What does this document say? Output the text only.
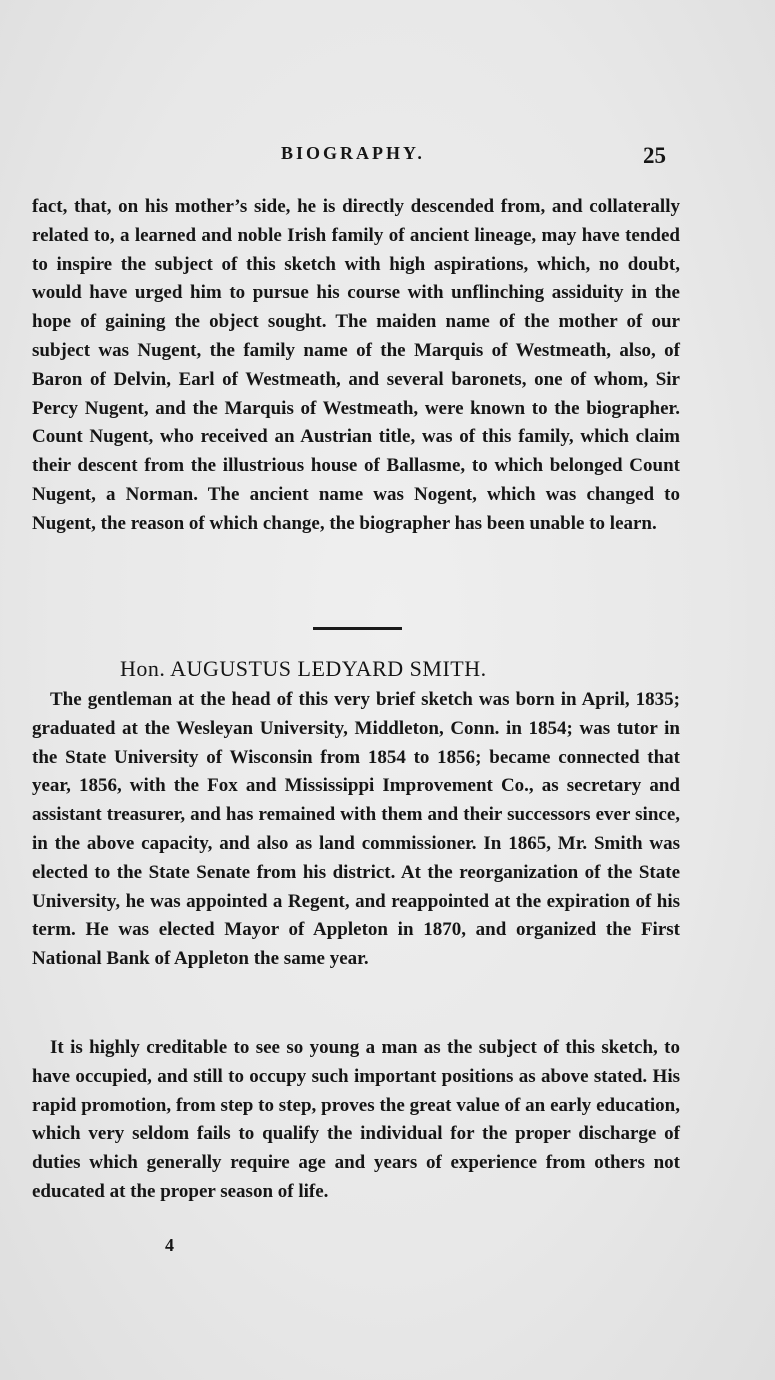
BIOGRAPHY.	25

fact, that, on his mother’s side, he is directly descended from, and collaterally related to, a learned and noble Irish family of ancient lineage, may have tended to inspire the subject of this sketch with high aspirations, which, no doubt, would have urged him to pursue his course with unflinching assiduity in the hope of gaining the object sought. The maiden name of the mother of our subject was Nugent, the family name of the Marquis of Westmeath, also, of Baron of Delvin, Earl of Westmeath, and several baronets, one of whom, Sir Percy Nugent, and the Marquis of Westmeath, were known to the biographer. Count Nugent, who received an Austrian title, was of this family, which claim their descent from the illustrious house of Ballasme, to which belonged Count Nugent, a Norman. The ancient name was Nogent, which was changed to Nugent, the reason of which change, the biographer has been unable to learn.

Hon. AUGUSTUS LEDYARD SMITH.

The gentleman at the head of this very brief sketch was born in April, 1835; graduated at the Wesleyan University, Middleton, Conn. in 1854; was tutor in the State University of Wisconsin from 1854 to 1856; became connected that year, 1856, with the Fox and Mississippi Improvement Co., as secretary and assistant treasurer, and has remained with them and their successors ever since, in the above capacity, and also as land commissioner. In 1865, Mr. Smith was elected to the State Senate from his district. At the reorganization of the State University, he was appointed a Regent, and reappointed at the expiration of his term. He was elected Mayor of Appleton in 1870, and organized the First National Bank of Appleton the same year.

It is highly creditable to see so young a man as the subject of this sketch, to have occupied, and still to occupy such important positions as above stated. His rapid promotion, from step to step, proves the great value of an early education, which very seldom fails to qualify the individual for the proper discharge of duties which generally require age and years of experience from others not educated at the proper season of life.

4
